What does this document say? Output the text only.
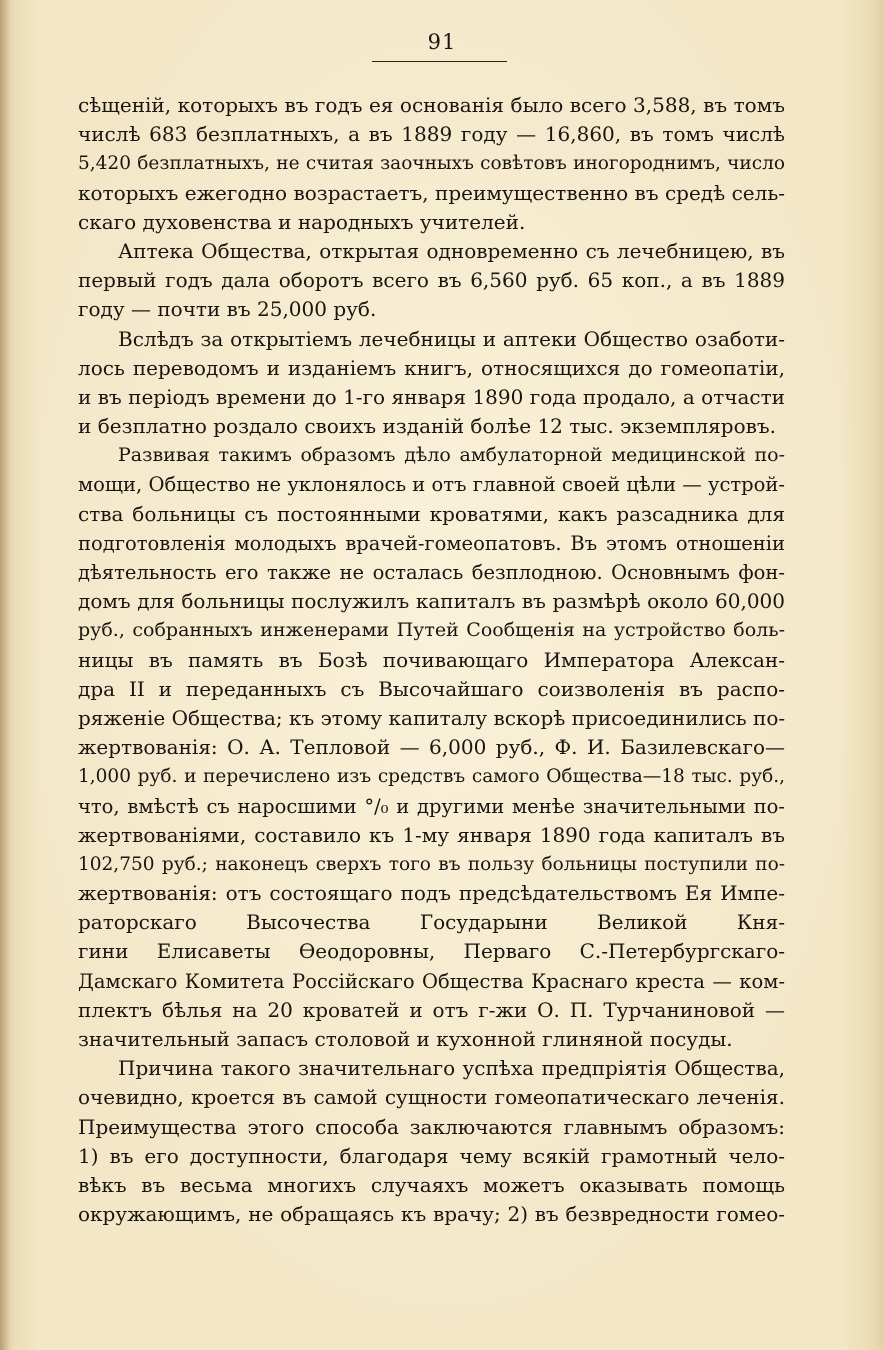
91
сѣщеній, которыхъ въ годъ ея основанія было всего 3,588, въ томъ
числѣ 683 безплатныхъ, а въ 1889 году — 16,860, въ томъ числѣ
5,420 безплатныхъ, не считая заочныхъ совѣтовъ иногороднимъ, число
которыхъ ежегодно возрастаетъ, преимущественно въ средѣ сель-
скаго духовенства и народныхъ учителей.
Аптека Общества, открытая одновременно съ лечебницею, въ
первый годъ дала оборотъ всего въ 6,560 руб. 65 коп., а въ 1889
году — почти въ 25,000 руб.
Вслѣдъ за открытіемъ лечебницы и аптеки Общество озаботи-
лось переводомъ и изданіемъ книгъ, относящихся до гомеопатіи,
и въ періодъ времени до 1-го января 1890 года продало, а отчасти
и безплатно роздало своихъ изданій болѣе 12 тыс. экземпляровъ.
Развивая такимъ образомъ дѣло амбулаторной медицинской по-
мощи, Общество не уклонялось и отъ главной своей цѣли — устрой-
ства больницы съ постоянными кроватями, какъ разсадника для
подготовленія молодыхъ врачей-гомеопатовъ. Въ этомъ отношеніи
дѣятельность его также не осталась безплодною. Основнымъ фон-
домъ для больницы послужилъ капиталъ въ размѣрѣ около 60,000
руб., собранныхъ инженерами Путей Сообщенія на устройство боль-
ницы въ память въ Бозѣ почивающаго Императора Алексан-
дра II и переданныхъ съ Высочайшаго соизволенія въ распо-
ряженіе Общества; къ этому капиталу вскорѣ присоединились по-
жертвованія: О. А. Тепловой — 6,000 руб., Ф. И. Базилевскаго—
1,000 руб. и перечислено изъ средствъ самого Общества—18 тыс. руб.,
что, вмѣстѣ съ наросшими °/₀ и другими менѣе значительными по-
жертвованіями, составило къ 1-му января 1890 года капиталъ въ
102,750 руб.; наконецъ сверхъ того въ пользу больницы поступили по-
жертвованія: отъ состоящаго подъ предсѣдательствомъ Ея Импе-
раторскаго Высочества Государыни Великой Кня-
гини Елисаветы Ѳеодоровны, Перваго С.-Петербургскаго-
Дамскаго Комитета Россійскаго Общества Краснаго креста — ком-
плектъ бѣлья на 20 кроватей и отъ г-жи О. П. Турчаниновой —
значительный запасъ столовой и кухонной глиняной посуды.
Причина такого значительнаго успѣха предпріятія Общества,
очевидно, кроется въ самой сущности гомеопатическаго леченія.
Преимущества этого способа заключаются главнымъ образомъ:
1) въ его доступности, благодаря чему всякій грамотный чело-
вѣкъ въ весьма многихъ случаяхъ можетъ оказывать помощь
окружающимъ, не обращаясь къ врачу; 2) въ безвредности гомео-
